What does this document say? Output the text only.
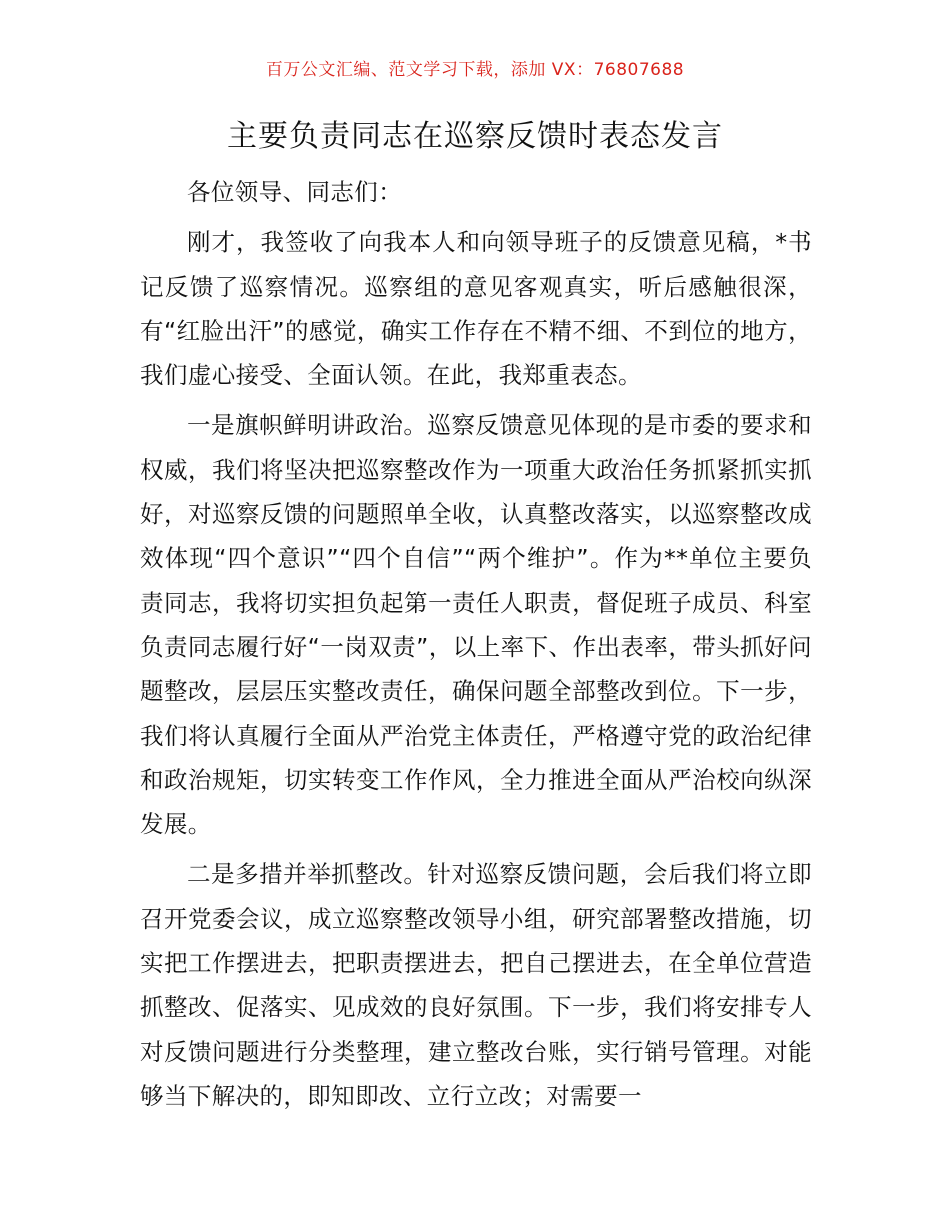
百万公文汇编、范文学习下载，添加 VX：76807688
主要负责同志在巡察反馈时表态发言

各位领导、同志们：

刚才，我签收了向我本人和向领导班子的反馈意见稿，*书记反馈了巡察情况。巡察组的意见客观真实，听后感触很深，有“红脸出汗”的感觉，确实工作存在不精不细、不到位的地方，我们虚心接受、全面认领。在此，我郑重表态。

一是旗帜鲜明讲政治。巡察反馈意见体现的是市委的要求和权威，我们将坚决把巡察整改作为一项重大政治任务抓紧抓实抓好，对巡察反馈的问题照单全收，认真整改落实，以巡察整改成效体现“四个意识”“四个自信”“两个维护”。作为**单位主要负责同志，我将切实担负起第一责任人职责，督促班子成员、科室负责同志履行好“一岗双责”，以上率下、作出表率，带头抓好问题整改，层层压实整改责任，确保问题全部整改到位。下一步，我们将认真履行全面从严治党主体责任，严格遵守党的政治纪律和政治规矩，切实转变工作作风，全力推进全面从严治校向纵深发展。

二是多措并举抓整改。针对巡察反馈问题，会后我们将立即召开党委会议，成立巡察整改领导小组，研究部署整改措施，切实把工作摆进去，把职责摆进去，把自己摆进去，在全单位营造抓整改、促落实、见成效的良好氛围。下一步，我们将安排专人对反馈问题进行分类整理，建立整改台账，实行销号管理。对能够当下解决的，即知即改、立行立改；对需要一
